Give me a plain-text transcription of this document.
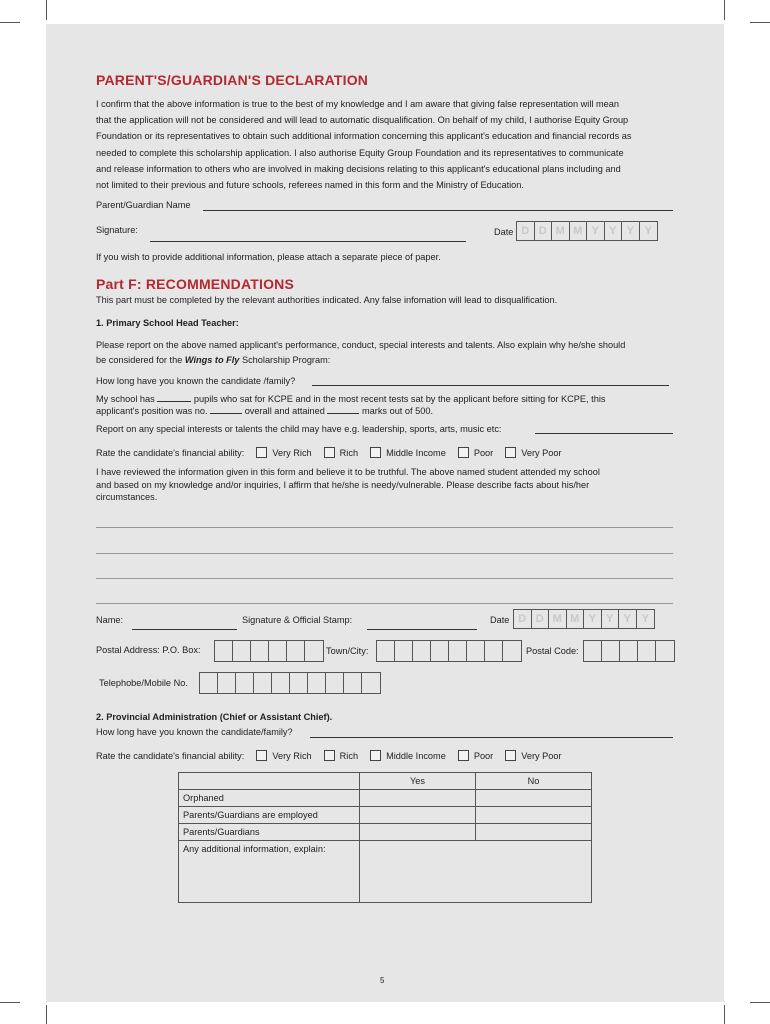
PARENT'S/GUARDIAN'S DECLARATION
I confirm that the above information is true to the best of my knowledge and I am aware that giving false representation will mean
that the application will not be considered and will lead to automatic disqualification. On behalf of my child, I authorise Equity Group
Foundation or its representatives to obtain such additional information concerning this applicant's education and financial records as
needed to complete this scholarship application. I also authorise Equity Group Foundation and its representatives to communicate
and release information to others who are involved in making decisions relating to this applicant's educational plans including and
not limited to their previous and future schools, referees named in this form and the Ministry of Education.
Parent/Guardian Name
Signature:	Date D D M M Y Y Y Y
If you wish to provide additional information, please attach a separate piece of paper.
Part F: RECOMMENDATIONS
This part must be completed by the relevant authorities indicated. Any false infomation will lead to disqualification.
1. Primary School Head Teacher:
Please report on the above named applicant's performance, conduct, special interests and talents. Also explain why he/she should
be considered for the Wings to Fly Scholarship Program:
How long have you known the candidate /family?
My school has	pupils who sat for KCPE and in the most recent tests sat by the applicant before sitting for KCPE, this
applicant's position was no.	overall and attained	marks out of 500.
Report on any special interests or talents the child may have e.g. leadership, sports, arts, music etc:
Rate the candidate's financial ability:	Very Rich	Rich	Middle Income	Poor	Very Poor
I have reviewed the information given in this form and believe it to be truthful. The above named student attended my school
and based on my knowledge and/or inquiries, I affirm that he/she is needy/vulnerable. Please describe facts about his/her
circumstances.
Name:	Signature & Official Stamp:	Date D D M M Y Y Y Y
Postal Address: P.O. Box:	Town/City:	Postal Code:
Telephobe/Mobile No.
2. Provincial Administration (Chief or Assistant Chief).
How long have you known the candidate/family?
Rate the candidate's financial ability:	Very Rich	Rich	Middle Income	Poor	Very Poor
	Yes	No
Orphaned		
Parents/Guardians are employed		
Parents/Guardians		
Any additional information, explain:		
5
